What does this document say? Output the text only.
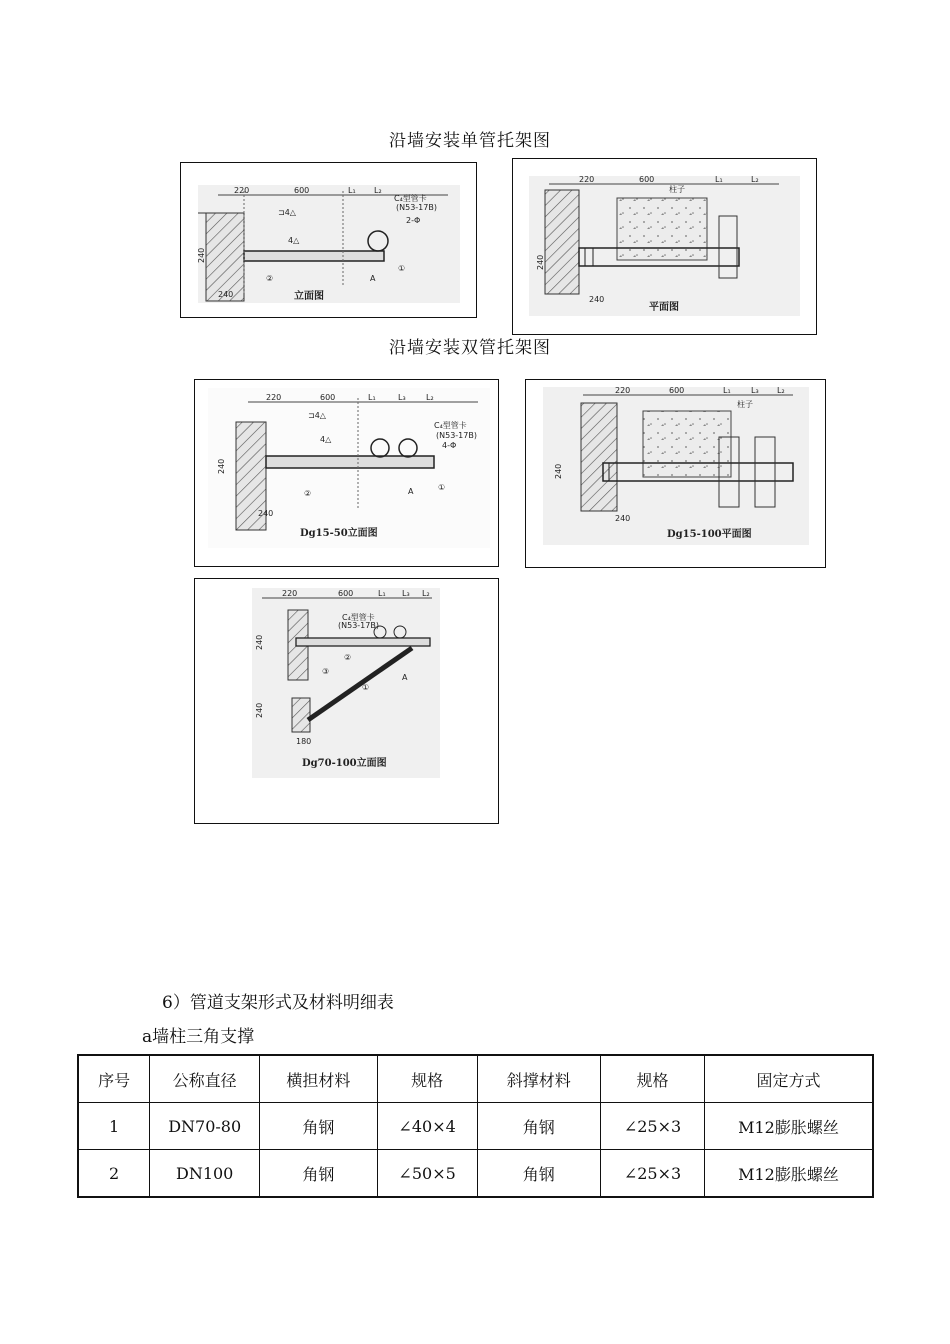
沿墙安装单管托架图
220	600	L₁ L₂
C₄型管卡
(N53-17B)
2-Φ
⊐4△
4△
②
①
A
240
240	立面图
220	600	L₁	L₂
柱子
240
240
平面图
沿墙安装双管托架图
220	600	L₁	L₃	L₂
C₄型管卡
(N53-17B)
4-Φ
⊐4△
4△
②
①
A
240
240
Dg15-50立面图
220	600	L₁	L₃ L₂
柱子
240
240
Dg15-100平面图
220	600	L₁ L₃ L₂
C₄型管卡
(N53-17B)
②
③
①
A
240
240
180
Dg70-100立面图
6）管道支架形式及材料明细表
a墙柱三角支撑
序号	公称直径	横担材料	规格	斜撑材料	规格	固定方式
1	DN70-80	角钢	∠40×4	角钢	∠25×3	M12膨胀螺丝
2	DN100	角钢	∠50×5	角钢	∠25×3	M12膨胀螺丝
